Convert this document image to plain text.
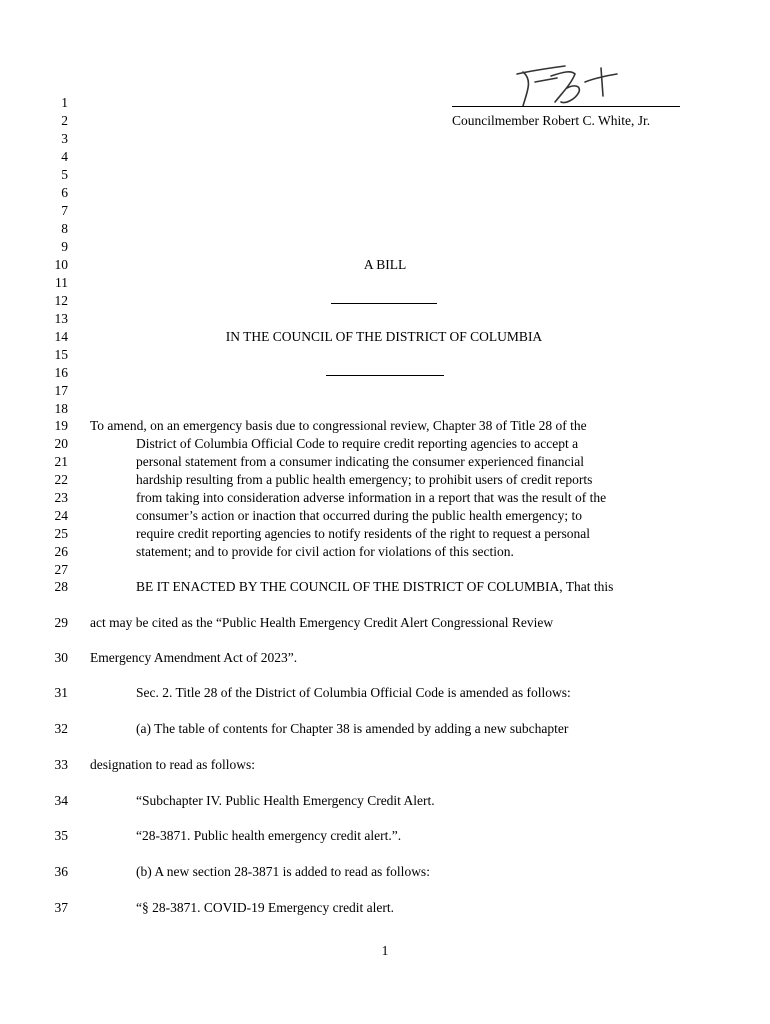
Councilmember Robert C. White, Jr.
1
2
3
4
5
6
7
8
9
10
11
12
13
14
15
16
17
18
19
20
21
22
23
24
25
26
27
28
29
30
31
32
33
34
35
36
37
A BILL
IN THE COUNCIL OF THE DISTRICT OF COLUMBIA
To amend, on an emergency basis due to congressional review, Chapter 38 of Title 28 of the
District of Columbia Official Code to require credit reporting agencies to accept a
personal statement from a consumer indicating the consumer experienced financial
hardship resulting from a public health emergency; to prohibit users of credit reports
from taking into consideration adverse information in a report that was the result of the
consumer’s action or inaction that occurred during the public health emergency; to
require credit reporting agencies to notify residents of the right to request a personal
statement; and to provide for civil action for violations of this section.
BE IT ENACTED BY THE COUNCIL OF THE DISTRICT OF COLUMBIA, That this
act may be cited as the “Public Health Emergency Credit Alert Congressional Review
Emergency Amendment Act of 2023”.
Sec. 2. Title 28 of the District of Columbia Official Code is amended as follows:
(a) The table of contents for Chapter 38 is amended by adding a new subchapter
designation to read as follows:
“Subchapter IV. Public Health Emergency Credit Alert.
“28-3871. Public health emergency credit alert.”.
(b) A new section 28-3871 is added to read as follows:
“§ 28-3871. COVID-19 Emergency credit alert.
1
